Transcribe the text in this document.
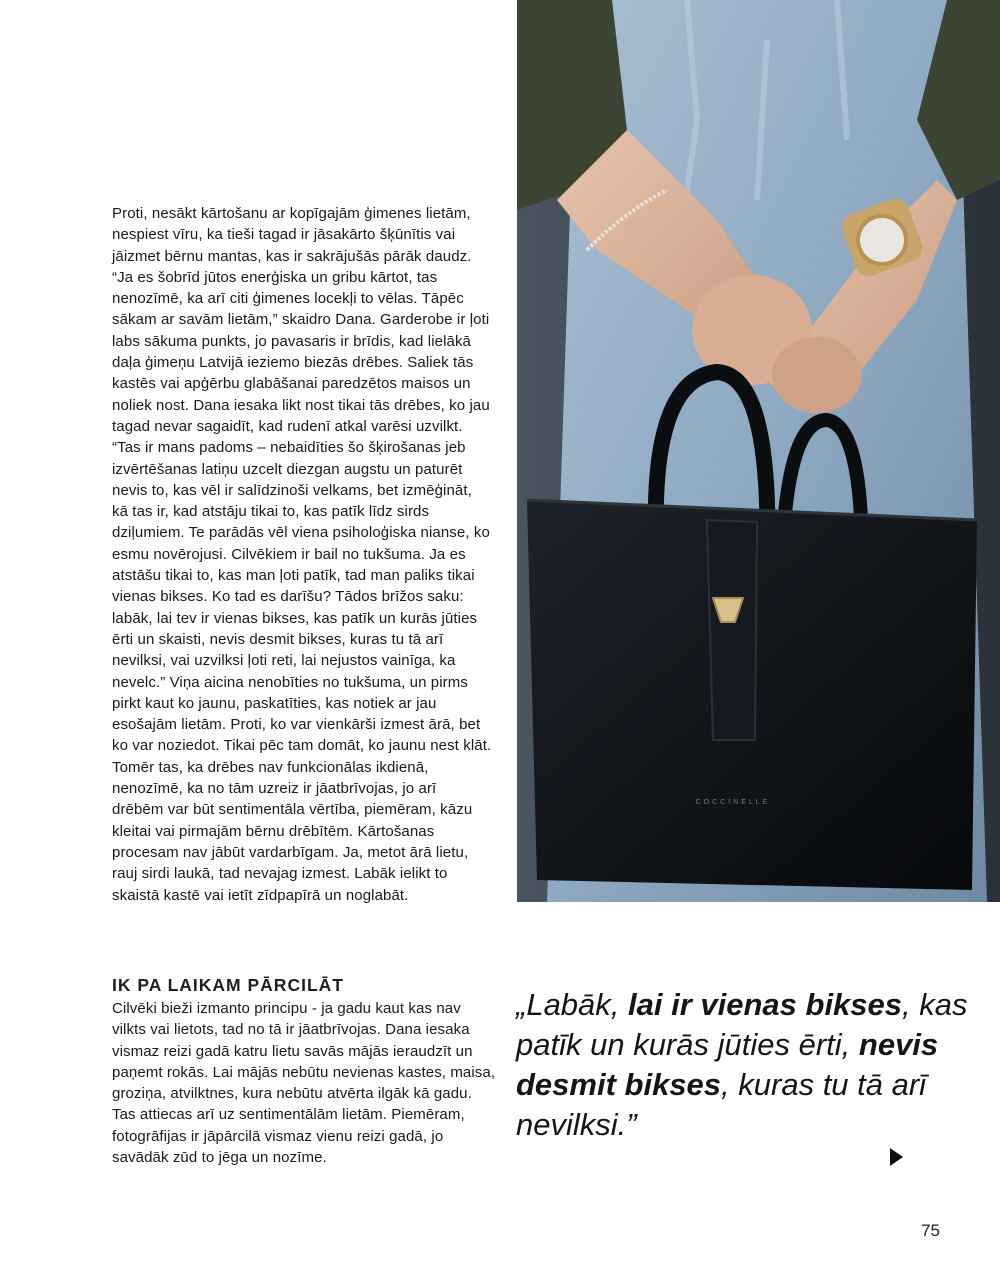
Proti, nesākt kārtošanu ar kopīgajām ģimenes lietām, nespiest vīru, ka tieši tagad ir jāsakārto šķūnītis vai jāizmet bērnu mantas, kas ir sakrājušās pārāk daudz. “Ja es šobrīd jūtos enerģiska un gribu kārtot, tas nenozīmē, ka arī citi ģimenes locekļi to vēlas. Tāpēc sākam ar savām lietām,” skaidro Dana. Garderobe ir ļoti labs sākuma punkts, jo pavasaris ir brīdis, kad lielākā daļa ģimeņu Latvijā ieziemo biezās drēbes. Saliek tās kastēs vai apģērbu glabāšanai paredzētos maisos un noliek nost. Dana iesaka likt nost tikai tās drēbes, ko jau tagad nevar sagaidīt, kad rudenī atkal varēsi uzvilkt. “Tas ir mans padoms – nebaidīties šo šķirošanas jeb izvērtēšanas latiņu uzcelt diezgan augstu un paturēt nevis to, kas vēl ir salīdzinoši velkams, bet izmēģināt, kā tas ir, kad atstāju tikai to, kas patīk līdz sirds dziļumiem. Te parādās vēl viena psiholoģiska nianse, ko esmu novērojusi. Cilvēkiem ir bail no tukšuma. Ja es atstāšu tikai to, kas man ļoti patīk, tad man paliks tikai vienas bikses. Ko tad es darīšu? Tādos brīžos saku: labāk, lai tev ir vienas bikses, kas patīk un kurās jūties ērti un skaisti, nevis desmit bikses, kuras tu tā arī nevilksi, vai uzvilksi ļoti reti, lai nejustos vainīga, ka nevelc.” Viņa aicina nenobīties no tukšuma, un pirms pirkt kaut ko jaunu, paskatīties, kas notiek ar jau esošajām lietām. Proti, ko var vienkārši izmest ārā, bet ko var noziedot. Tikai pēc tam domāt, ko jaunu nest klāt. Tomēr tas, ka drēbes nav funkcionālas ikdienā, nenozīmē, ka no tām uzreiz ir jāatbrīvojas, jo arī drēbēm var būt sentimentāla vērtība, piemēram, kāzu kleitai vai pirmajām bērnu drēbītēm. Kārtošanas procesam nav jābūt vardarbīgam. Ja, metot ārā lietu, rauj sirdi laukā, tad nevajag izmest. Labāk ielikt to skaistā kastē vai ietīt zīdpapīrā un noglabāt.

IK PA LAIKAM PĀRCILĀT

Cilvēki bieži izmanto principu - ja gadu kaut kas nav vilkts vai lietots, tad no tā ir jāatbrīvojas. Dana iesaka vismaz reizi gadā katru lietu savās mājās ieraudzīt un paņemt rokās. Lai mājās nebūtu nevienas kastes, maisa, groziņa, atvilktnes, kura nebūtu atvērta ilgāk kā gadu. Tas attiecas arī uz sentimentālām lietām. Piemēram, fotogrāfijas ir jāpārcilā vismaz vienu reizi gadā, jo savādāk zūd to jēga un nozīme.

COCCINELLE
„Labāk, lai ir vienas bikses, kas patīk un kurās jūties ērti, nevis desmit bikses, kuras tu tā arī nevilksi.”
75
